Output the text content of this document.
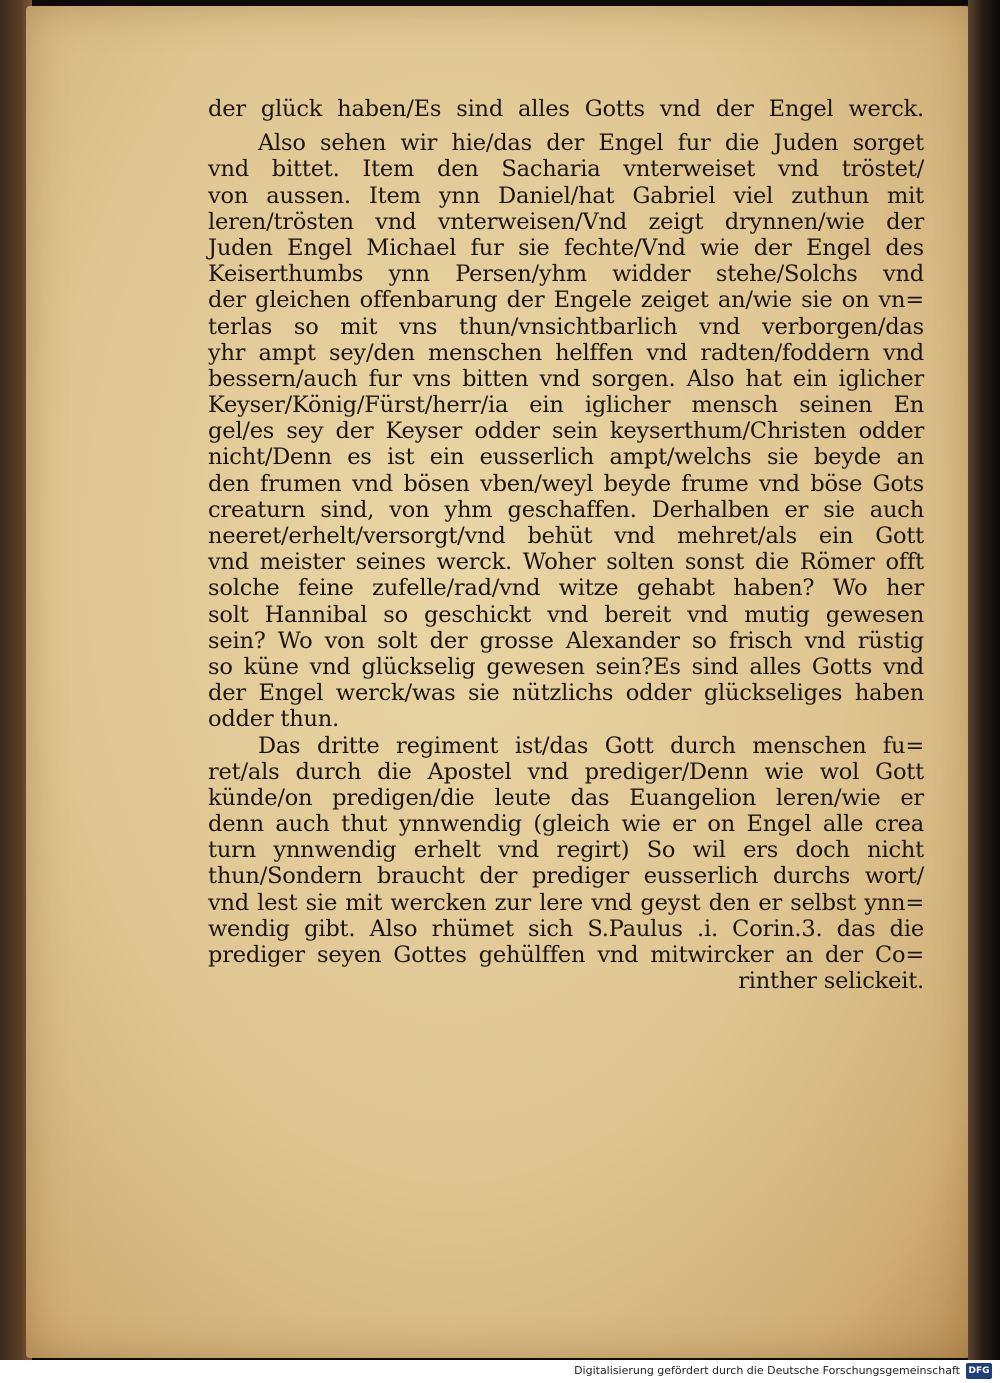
der glück haben/Es sind alles Gotts vnd der Engel werck.
Also sehen wir hie/das der Engel fur die Juden sorget
vnd bittet. Item den Sacharia vnterweiset vnd tröstet/
von aussen. Item ynn Daniel/hat Gabriel viel zuthun mit
leren/trösten vnd vnterweisen/Vnd zeigt drynnen/wie der
Juden Engel Michael fur sie fechte/Vnd wie der Engel des
Keiserthumbs ynn Persen/yhm widder stehe/Solchs vnd
der gleichen offenbarung der Engele zeiget an/wie sie on vn=
terlas so mit vns thun/vnsichtbarlich vnd verborgen/das
yhr ampt sey/den menschen helffen vnd radten/foddern vnd
bessern/auch fur vns bitten vnd sorgen. Also hat ein iglicher
Keyser/König/Fürst/herr/ia ein iglicher mensch seinen En
gel/es sey der Keyser odder sein keyserthum/Christen odder
nicht/Denn es ist ein eusserlich ampt/welchs sie beyde an
den frumen vnd bösen vben/weyl beyde frume vnd böse Gots
creaturn sind, von yhm geschaffen. Derhalben er sie auch
neeret/erhelt/versorgt/vnd behüt vnd mehret/als ein Gott
vnd meister seines werck. Woher solten sonst die Römer offt
solche feine zufelle/rad/vnd witze gehabt haben? Wo her
solt Hannibal so geschickt vnd bereit vnd mutig gewesen
sein? Wo von solt der grosse Alexander so frisch vnd rüstig
so küne vnd glückselig gewesen sein?Es sind alles Gotts vnd
der Engel werck/was sie nützlichs odder glückseliges haben
odder thun.
Das dritte regiment ist/das Gott durch menschen fu=
ret/als durch die Apostel vnd prediger/Denn wie wol Gott
künde/on predigen/die leute das Euangelion leren/wie er
denn auch thut ynnwendig (gleich wie er on Engel alle crea
turn ynnwendig erhelt vnd regirt) So wil ers doch nicht
thun/Sondern braucht der prediger eusserlich durchs wort/
vnd lest sie mit wercken zur lere vnd geyst den er selbst ynn=
wendig gibt. Also rhümet sich S.Paulus .i. Corin.3. das die
prediger seyen Gottes gehülffen vnd mitwircker an der Co=
rinther selickeit.
Digitalisierung gefördert durch die Deutsche Forschungsgemeinschaft DFG
